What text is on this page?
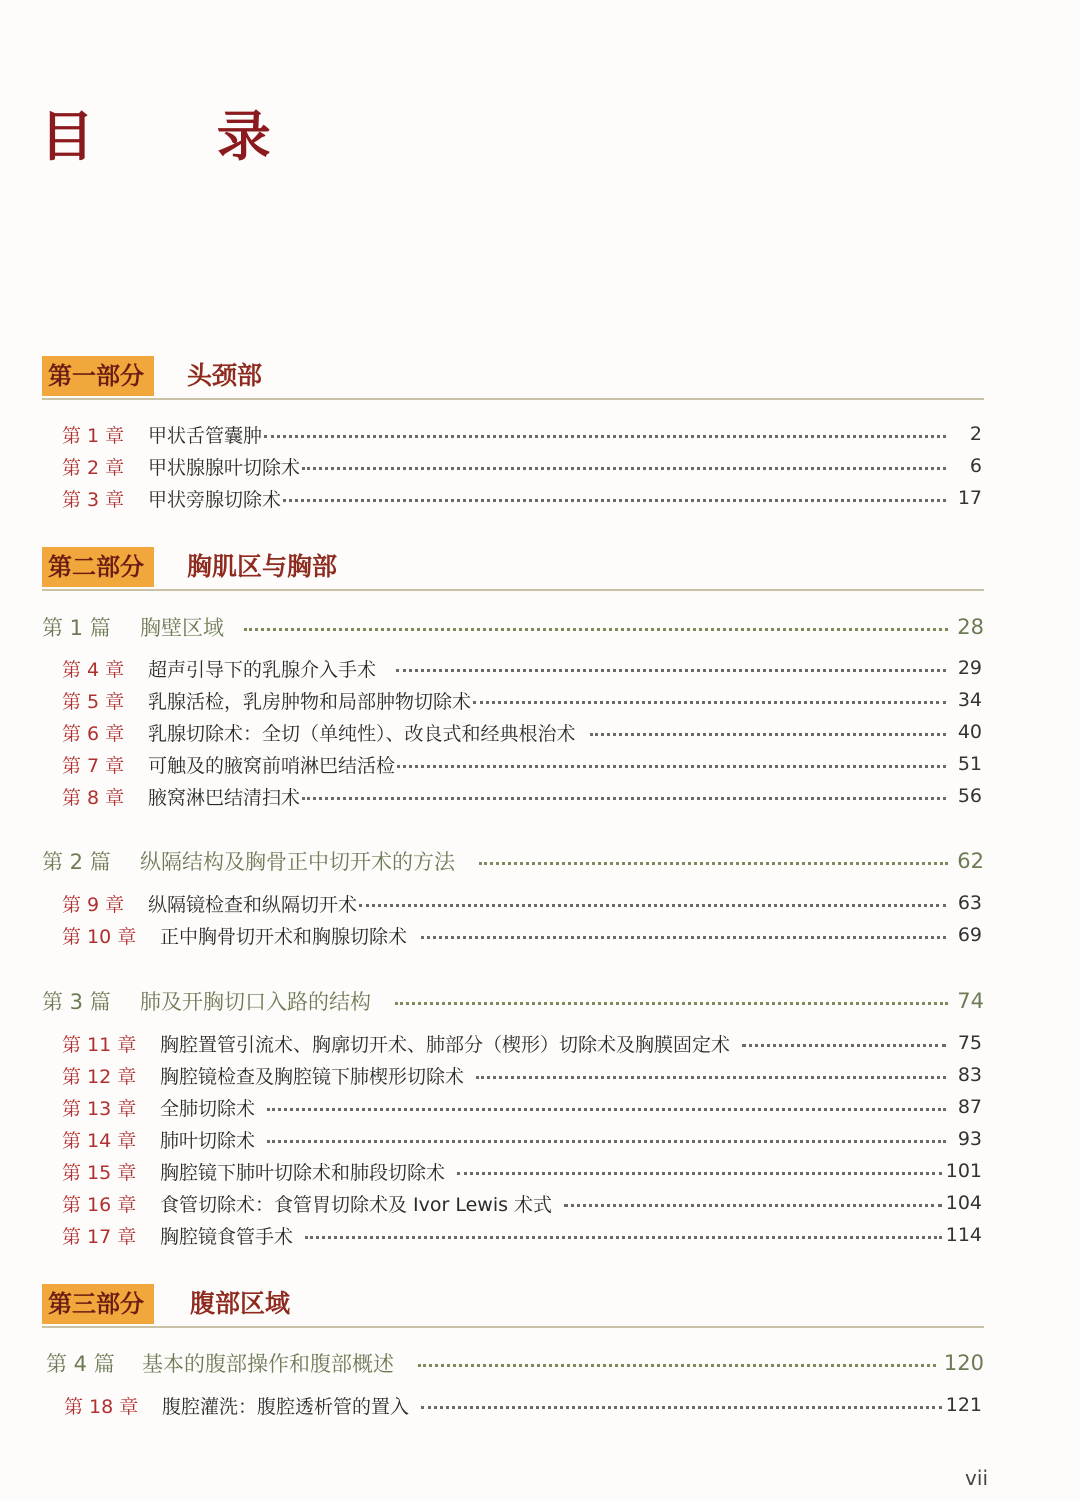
目 录
第一部分	头颈部
第 1 章	甲状舌管囊肿	2
第 2 章	甲状腺腺叶切除术	6
第 3 章	甲状旁腺切除术	17
第二部分	胸肌区与胸部
第 1 篇	胸壁区域	28
第 4 章	超声引导下的乳腺介入手术	29
第 5 章	乳腺活检，乳房肿物和局部肿物切除术	34
第 6 章	乳腺切除术：全切（单纯性）、改良式和经典根治术	40
第 7 章	可触及的腋窝前哨淋巴结活检	51
第 8 章	腋窝淋巴结清扫术	56
第 2 篇	纵隔结构及胸骨正中切开术的方法	62
第 9 章	纵隔镜检查和纵隔切开术	63
第 10 章	正中胸骨切开术和胸腺切除术	69
第 3 篇	肺及开胸切口入路的结构	74
第 11 章	胸腔置管引流术、胸廓切开术、肺部分（楔形）切除术及胸膜固定术	75
第 12 章	胸腔镜检查及胸腔镜下肺楔形切除术	83
第 13 章	全肺切除术	87
第 14 章	肺叶切除术	93
第 15 章	胸腔镜下肺叶切除术和肺段切除术	101
第 16 章	食管切除术：食管胃切除术及 Ivor Lewis 术式	104
第 17 章	胸腔镜食管手术	114
第三部分	腹部区域
第 4 篇	基本的腹部操作和腹部概述	120
第 18 章	腹腔灌洗：腹腔透析管的置入	121
vii
